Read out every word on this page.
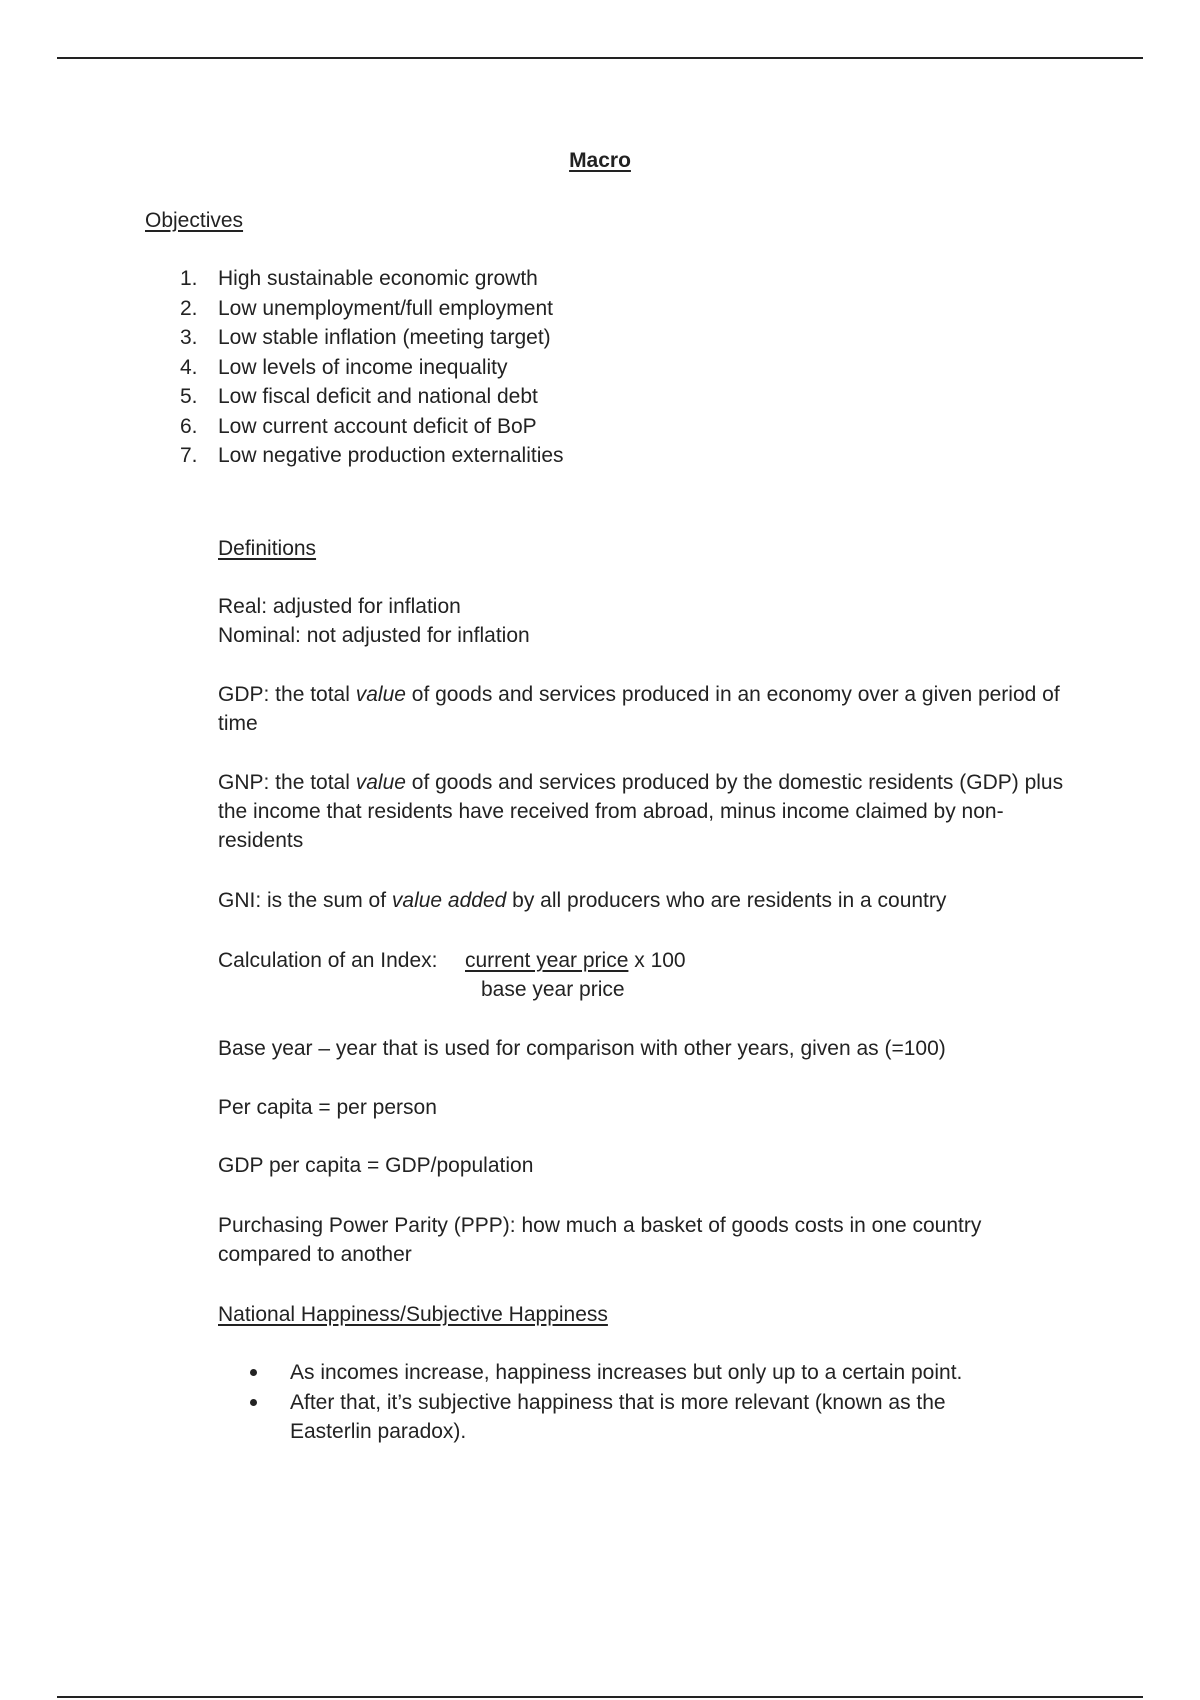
Macro
Objectives
1. High sustainable economic growth
2. Low unemployment/full employment
3. Low stable inflation (meeting target)
4. Low levels of income inequality
5. Low fiscal deficit and national debt
6. Low current account deficit of BoP
7. Low negative production externalities
Definitions
Real: adjusted for inflation
Nominal: not adjusted for inflation
GDP: the total value of goods and services produced in an economy over a given period of time
GNP: the total value of goods and services produced by the domestic residents (GDP) plus the income that residents have received from abroad, minus income claimed by non-residents
GNI: is the sum of value added by all producers who are residents in a country
Calculation of an Index: current year price x 100
base year price
Base year – year that is used for comparison with other years, given as (=100)
Per capita = per person
GDP per capita = GDP/population
Purchasing Power Parity (PPP): how much a basket of goods costs in one country compared to another
National Happiness/Subjective Happiness
As incomes increase, happiness increases but only up to a certain point.
After that, it’s subjective happiness that is more relevant (known as the Easterlin paradox).
